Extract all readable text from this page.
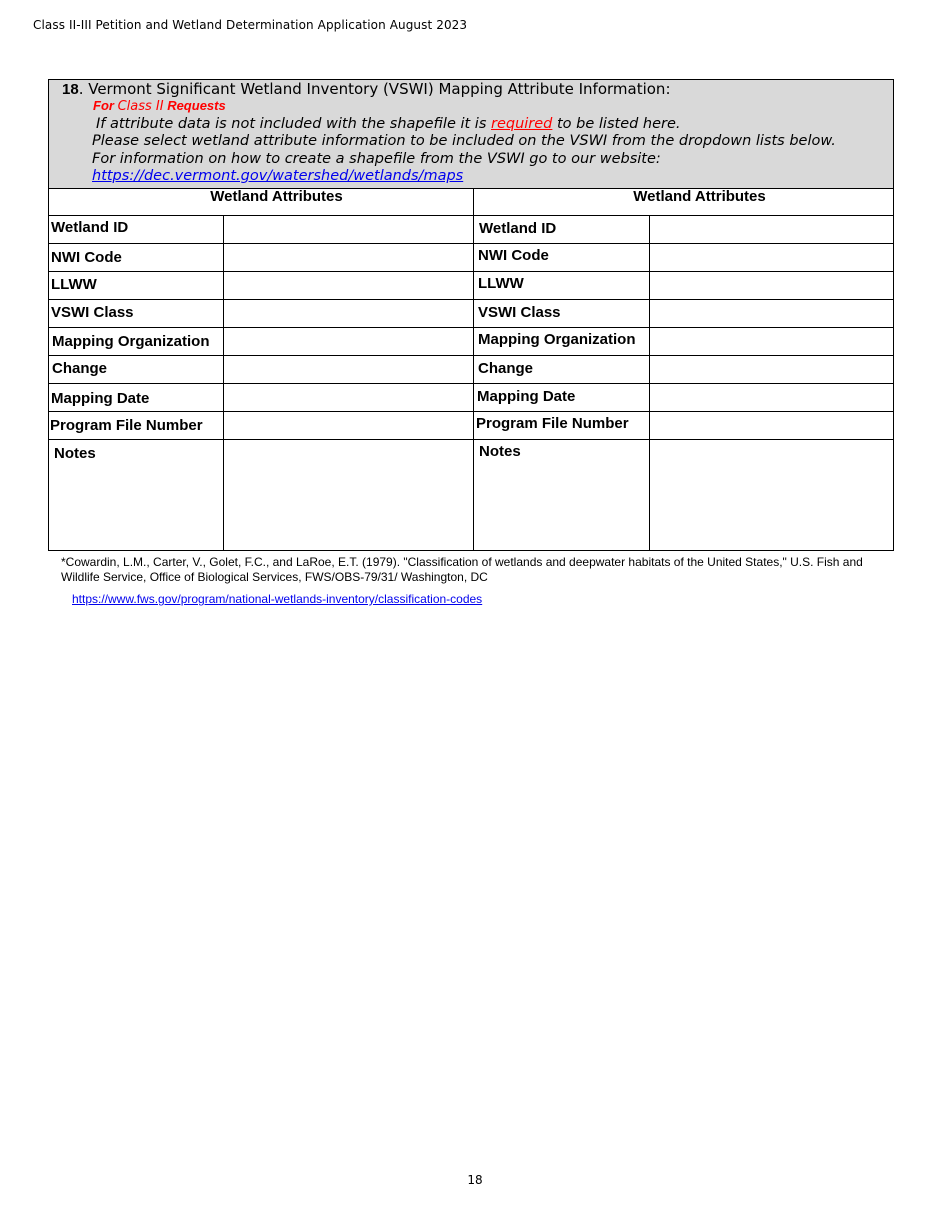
Class II-III Petition and Wetland Determination Application August 2023
18. Vermont Significant Wetland Inventory (VSWI) Mapping Attribute Information:
For Class II Requests
If attribute data is not included with the shapefile it is required to be listed here.
Please select wetland attribute information to be included on the VSWI from the dropdown lists below.
For information on how to create a shapefile from the VSWI go to our website:
https://dec.vermont.gov/watershed/wetlands/maps
Wetland Attributes	Wetland Attributes
Wetland ID
NWI Code
LLWW
VSWI Class
Mapping Organization
Change
Mapping Date
Program File Number
Notes
Wetland ID
NWI Code
LLWW
VSWI Class
Mapping Organization
Change
Mapping Date
Program File Number
Notes
*Cowardin, L.M., Carter, V., Golet, F.C., and LaRoe, E.T. (1979). "Classification of wetlands and deepwater habitats of the United States," U.S. Fish and Wildlife Service, Office of Biological Services, FWS/OBS-79/31/ Washington, DC
https://www.fws.gov/program/national-wetlands-inventory/classification-codes
18
